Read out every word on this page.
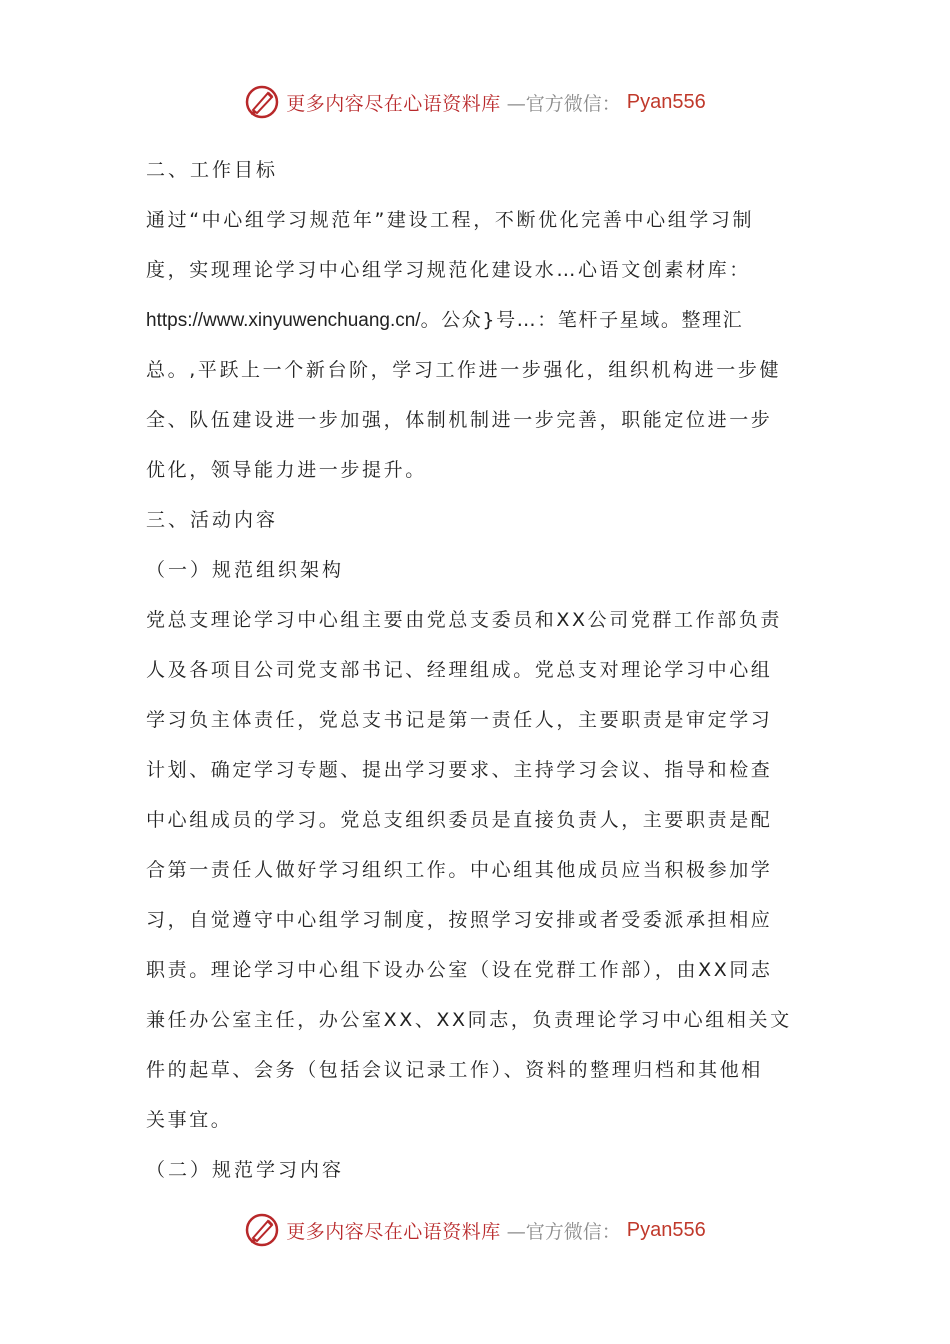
更多内容尽在心语资料库 —官方微信： Pyan556
二、工作目标
通过“中心组学习规范年”建设工程，不断优化完善中心组学习制
度，实现理论学习中心组学习规范化建设水…心语文创素材库：
https://www.xinyuwenchuang.cn/。公众}号…：笔杆子星域。整理汇
总。,平跃上一个新台阶，学习工作进一步强化，组织机构进一步健
全、队伍建设进一步加强，体制机制进一步完善，职能定位进一步
优化，领导能力进一步提升。
三、活动内容
（一）规范组织架构
党总支理论学习中心组主要由党总支委员和XX公司党群工作部负责
人及各项目公司党支部书记、经理组成。党总支对理论学习中心组
学习负主体责任，党总支书记是第一责任人，主要职责是审定学习
计划、确定学习专题、提出学习要求、主持学习会议、指导和检查
中心组成员的学习。党总支组织委员是直接负责人，主要职责是配
合第一责任人做好学习组织工作。中心组其他成员应当积极参加学
习，自觉遵守中心组学习制度，按照学习安排或者受委派承担相应
职责。理论学习中心组下设办公室（设在党群工作部），由XX同志
兼任办公室主任，办公室XX、XX同志，负责理论学习中心组相关文
件的起草、会务（包括会议记录工作）、资料的整理归档和其他相
关事宜。
（二）规范学习内容
更多内容尽在心语资料库 —官方微信： Pyan556
